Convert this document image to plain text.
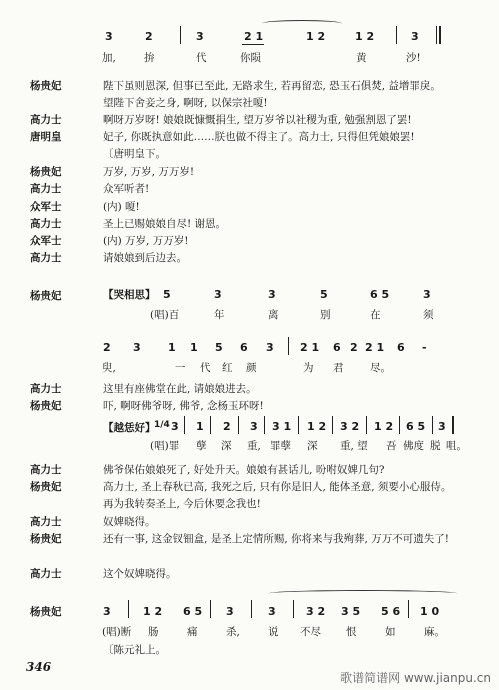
3	2	3	2 1	1 2	1 2	3
加,	拚	代	你陨	黄	沙!
杨贵妃	陛下虽则恩深, 但事已至此, 无路求生, 若再留恋, 恐玉石俱焚, 益增罪戾。
望陛下舍妾之身, 啊呀, 以保宗社嗄!
高力士	啊呀万岁呀! 娘娘既慷慨捐生, 望万岁爷以社稷为重, 勉强割恩了罢!
唐明皇	妃子, 你既执意如此……朕也做不得主了。高力士, 只得但凭娘娘罢!
〔唐明皇下。
杨贵妃	万岁, 万岁, 万万岁!
高力士	众军听者!
众军士	(内) 嗄!
高力士	圣上已赐娘娘自尽! 谢恩。
众军士	(内) 万岁, 万万岁!
高力士	请娘娘到后边去。
杨贵妃	【哭相思】 5	3	3	5	6 5	3
(唱)百	年	离	别	在	须
2 3 1 1 5 6 3 2 1 6 2 2 1 6 -
臾,	一 代 红 颜	为 君	尽。
高力士	这里有座佛堂在此, 请娘娘进去。
杨贵妃	吓, 啊呀佛爷呀, 佛爷, 念杨玉环呀!
【越恁好】
1/4 3 1 2 3 3 1 1 2 3 2 1 2 6 5 3
(唱)罪 孽 深 重, 罪孽 深 重, 望 吾 佛度 脱 咀。
高力士	佛爷保佑娘娘死了, 好处升天。娘娘有甚话儿, 吩咐奴婢几句?
杨贵妃	高力士, 圣上春秋已高, 我死之后, 只有你是旧人, 能体圣意, 须要小心服侍。
再为我转奏圣上, 今后休要念我也!
高力士	奴婢晓得。
杨贵妃	还有一事, 这金钗钿盒, 是圣上定情所赐, 你将来与我殉葬, 万万不可遗失了!
高力士	这个奴婢晓得。
杨贵妃	3	1 2 6 5 3	3	3 2 3 5 5 6 1 0
(唱)断 肠	痛	杀,	说 不尽 恨	如	麻。
〔陈元礼上。
346
歌谱简谱网 www.jianpu.cn
